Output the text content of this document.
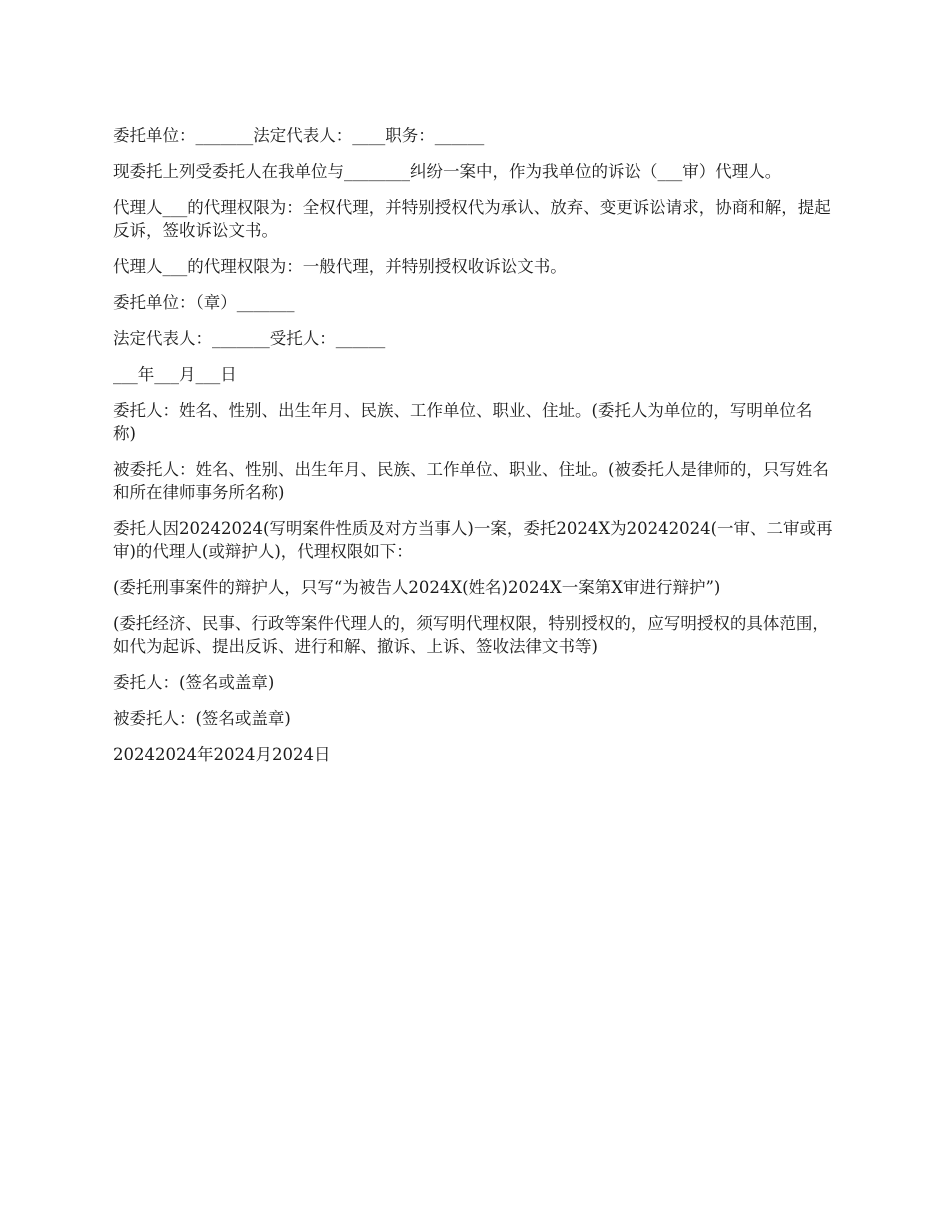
委托单位：_______法定代表人：____职务：______

现委托上列受委托人在我单位与________纠纷一案中，作为我单位的诉讼（___审）代理人。

代理人___的代理权限为：全权代理，并特别授权代为承认、放弃、变更诉讼请求，协商和解，提起反诉，签收诉讼文书。

代理人___的代理权限为：一般代理，并特别授权收诉讼文书。

委托单位：（章）_______

法定代表人：_______受托人：______

___年___月___日

委托人：姓名、性别、出生年月、民族、工作单位、职业、住址。(委托人为单位的，写明单位名称)

被委托人：姓名、性别、出生年月、民族、工作单位、职业、住址。(被委托人是律师的，只写姓名和所在律师事务所名称)

委托人因20242024(写明案件性质及对方当事人)一案，委托2024X为20242024(一审、二审或再审)的代理人(或辩护人)，代理权限如下：

(委托刑事案件的辩护人，只写“为被告人2024X(姓名)2024X一案第X审进行辩护”)

(委托经济、民事、行政等案件代理人的，须写明代理权限，特别授权的，应写明授权的具体范围，如代为起诉、提出反诉、进行和解、撤诉、上诉、签收法律文书等)

委托人：(签名或盖章)

被委托人：(签名或盖章)

20242024年2024月2024日
